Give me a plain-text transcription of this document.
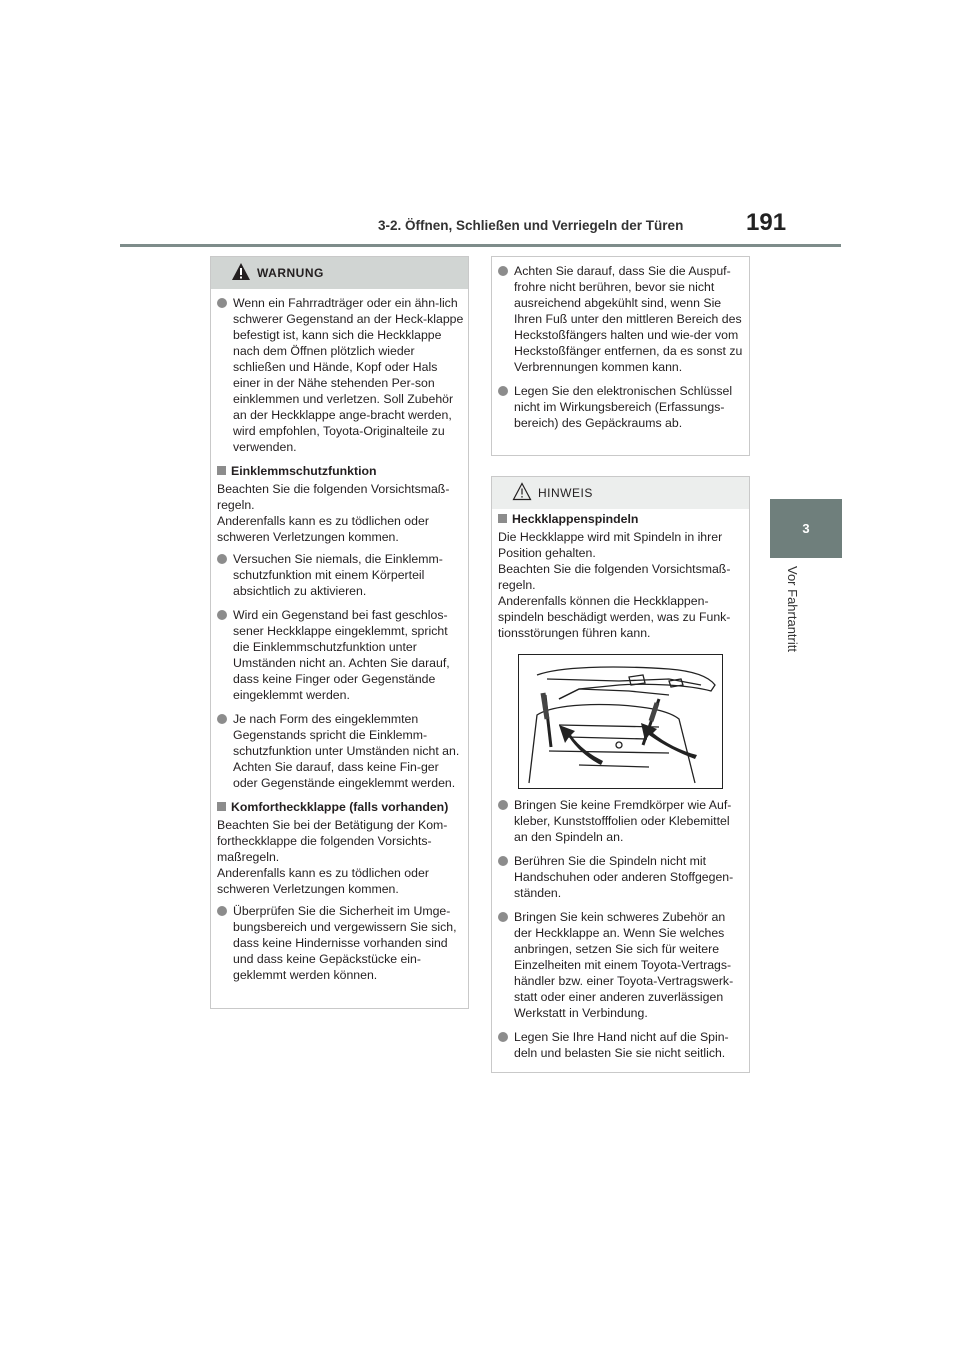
3-2. Öffnen, Schließen und Verriegeln der Türen	191
3
Vor Fahrtantritt
WARNUNG
Wenn ein Fahrradträger oder ein ähn-lich schwerer Gegenstand an der Heck-klappe befestigt ist, kann sich die Heckklappe nach dem Öffnen plötzlich wieder schließen und Hände, Kopf oder Hals einer in der Nähe stehenden Per-son einklemmen und verletzen. Soll Zubehör an der Heckklappe ange-bracht werden, wird empfohlen, Toyota-Originalteile zu verwenden.
Einklemmschutzfunktion
Beachten Sie die folgenden Vorsichtsmaß-regeln.
Anderenfalls kann es zu tödlichen oder schweren Verletzungen kommen.
Versuchen Sie niemals, die Einklemm-schutzfunktion mit einem Körperteil absichtlich zu aktivieren.
Wird ein Gegenstand bei fast geschlos-sener Heckklappe eingeklemmt, spricht die Einklemmschutzfunktion unter Umständen nicht an. Achten Sie darauf, dass keine Finger oder Gegenstände eingeklemmt werden.
Je nach Form des eingeklemmten Gegenstands spricht die Einklemm-schutzfunktion unter Umständen nicht an. Achten Sie darauf, dass keine Fin-ger oder Gegenstände eingeklemmt werden.
Komfortheckklappe (falls vorhanden)
Beachten Sie bei der Betätigung der Kom-fortheckklappe die folgenden Vorsichts-maßregeln.
Anderenfalls kann es zu tödlichen oder schweren Verletzungen kommen.
Überprüfen Sie die Sicherheit im Umge-bungsbereich und vergewissern Sie sich, dass keine Hindernisse vorhanden sind und dass keine Gepäckstücke ein-geklemmt werden können.
Achten Sie darauf, dass Sie die Auspuf-frohre nicht berühren, bevor sie nicht ausreichend abgekühlt sind, wenn Sie Ihren Fuß unter den mittleren Bereich des Heckstoßfängers halten und wie-der vom Heckstoßfänger entfernen, da es sonst zu Verbrennungen kommen kann.
Legen Sie den elektronischen Schlüssel nicht im Wirkungsbereich (Erfassungs-bereich) des Gepäckraums ab.
HINWEIS
Heckklappenspindeln
Die Heckklappe wird mit Spindeln in ihrer Position gehalten.
Beachten Sie die folgenden Vorsichtsmaß-regeln.
Anderenfalls können die Heckklappen-spindeln beschädigt werden, was zu Funk-tionsstörungen führen kann.
Bringen Sie keine Fremdkörper wie Auf-kleber, Kunststofffolien oder Klebemittel an den Spindeln an.
Berühren Sie die Spindeln nicht mit Handschuhen oder anderen Stoffgegen-ständen.
Bringen Sie kein schweres Zubehör an der Heckklappe an. Wenn Sie welches anbringen, setzen Sie sich für weitere Einzelheiten mit einem Toyota-Vertrags-händler bzw. einer Toyota-Vertragswerk-statt oder einer anderen zuverlässigen Werkstatt in Verbindung.
Legen Sie Ihre Hand nicht auf die Spin-deln und belasten Sie sie nicht seitlich.
